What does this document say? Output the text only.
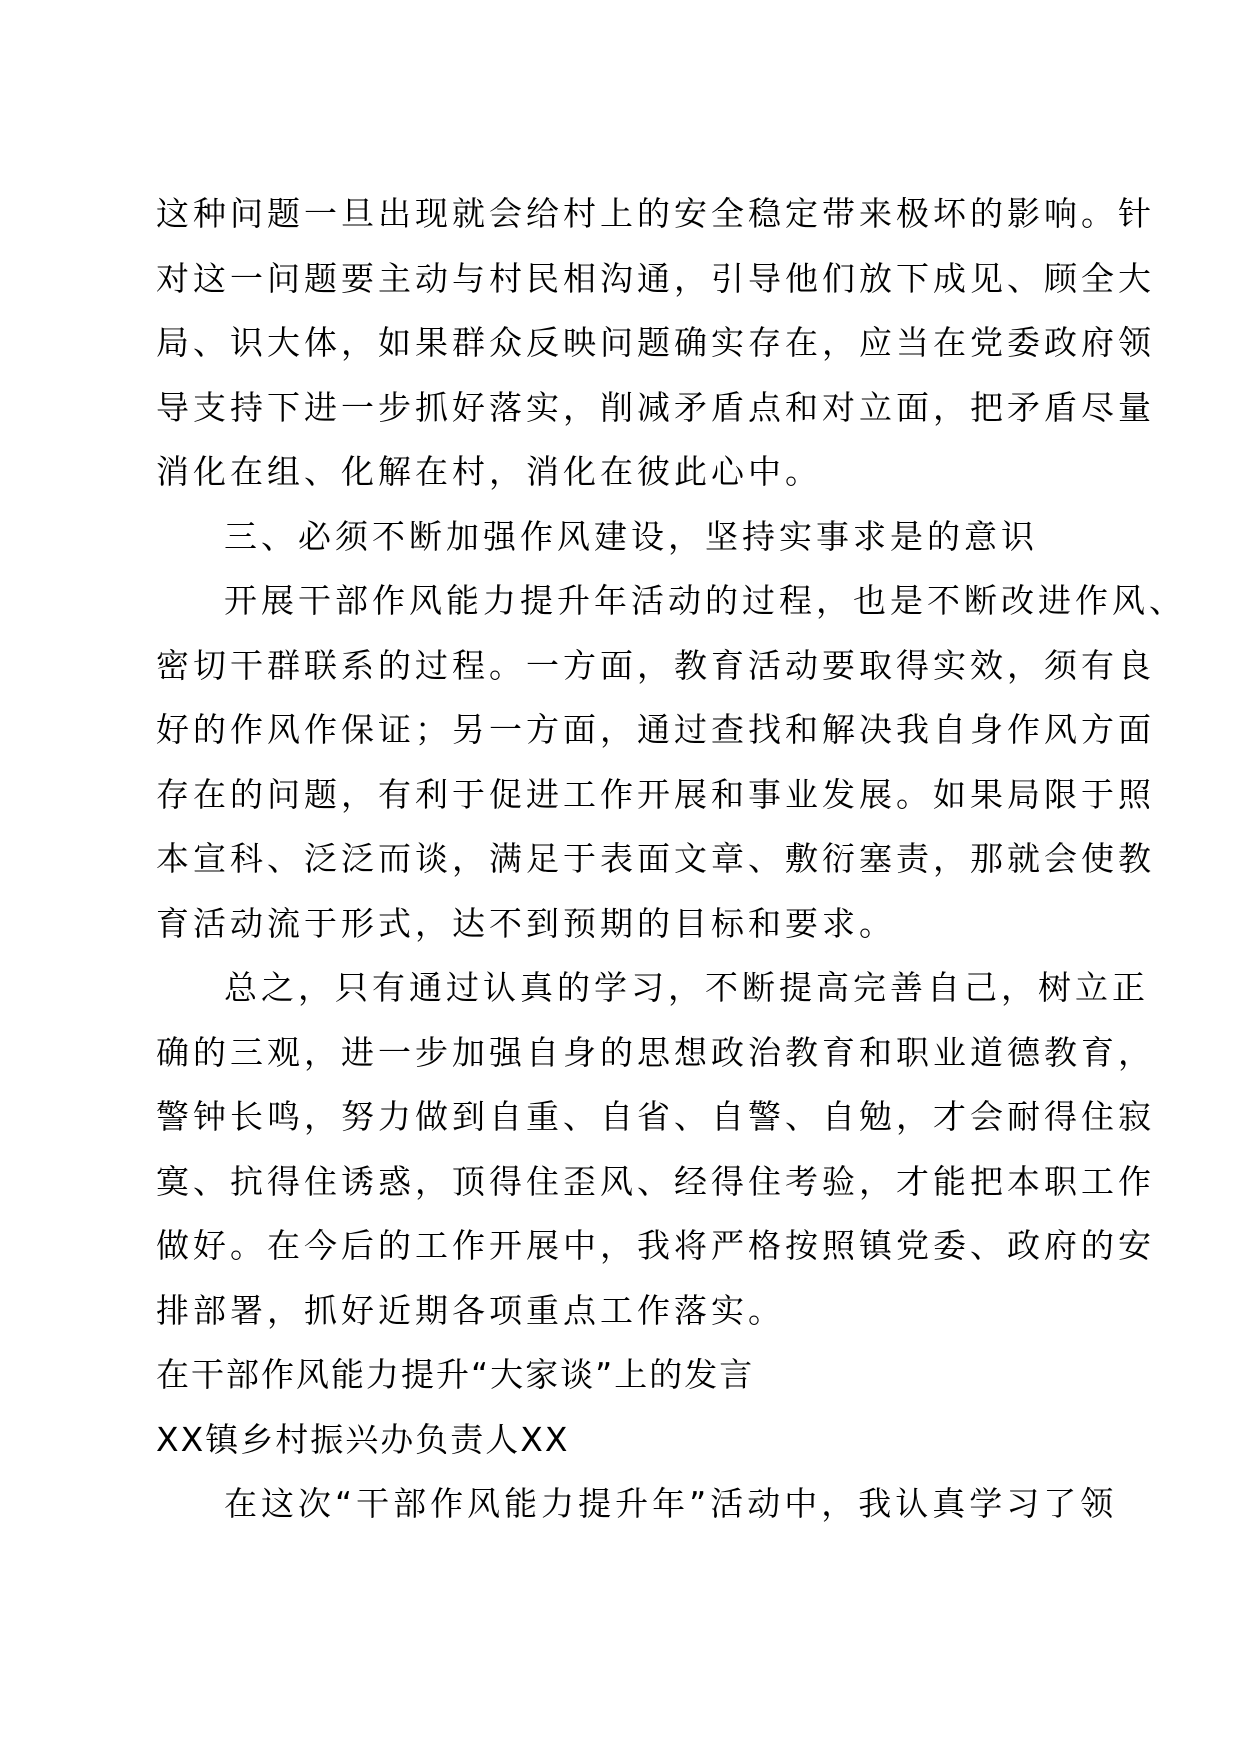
这种问题一旦出现就会给村上的安全稳定带来极坏的影响。针
对这一问题要主动与村民相沟通，引导他们放下成见、顾全大
局、识大体，如果群众反映问题确实存在，应当在党委政府领
导支持下进一步抓好落实，削减矛盾点和对立面，把矛盾尽量
消化在组、化解在村，消化在彼此心中。
三、必须不断加强作风建设，坚持实事求是的意识
开展干部作风能力提升年活动的过程，也是不断改进作风、
密切干群联系的过程。一方面，教育活动要取得实效，须有良
好的作风作保证；另一方面，通过查找和解决我自身作风方面
存在的问题，有利于促进工作开展和事业发展。如果局限于照
本宣科、泛泛而谈，满足于表面文章、敷衍塞责，那就会使教
育活动流于形式，达不到预期的目标和要求。
总之，只有通过认真的学习，不断提高完善自己，树立正
确的三观，进一步加强自身的思想政治教育和职业道德教育，
警钟长鸣，努力做到自重、自省、自警、自勉，才会耐得住寂
寞、抗得住诱惑，顶得住歪风、经得住考验，才能把本职工作
做好。在今后的工作开展中，我将严格按照镇党委、政府的安
排部署，抓好近期各项重点工作落实。
在干部作风能力提升“大家谈”上的发言
XX镇乡村振兴办负责人XX
在这次“干部作风能力提升年”活动中，我认真学习了领
